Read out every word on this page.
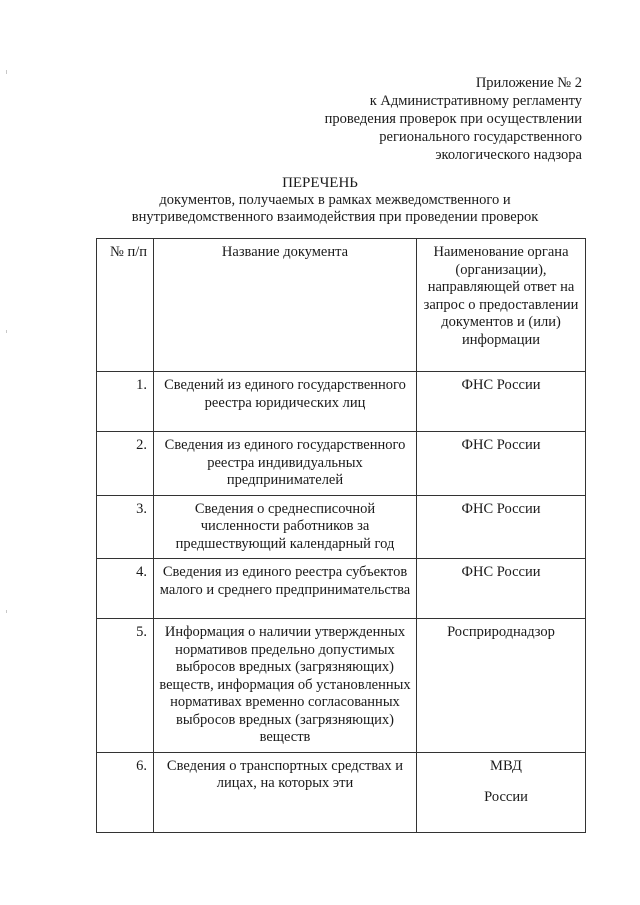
Приложение № 2
к Административному регламенту
проведения проверок при осуществлении
регионального государственного
экологического надзора
ПЕРЕЧЕНЬ
документов, получаемых в рамках межведомственного и
внутриведомственного взаимодействия при проведении проверок
№ п/п	Название документа	Наименование органа (организации), направляющей ответ на запрос о предоставлении документов и (или) информации
1.	Сведений из единого государственного реестра юридических лиц	ФНС России
2.	Сведения из единого государственного реестра индивидуальных предпринимателей	ФНС России
3.	Сведения о среднесписочной численности работников за предшествующий календарный год	ФНС России
4.	Сведения из единого реестра субъектов малого и среднего предпринимательства	ФНС России
5.	Информация о наличии утвержденных нормативов предельно допустимых выбросов вредных (загрязняющих) веществ, информация об установленных нормативах временно согласованных выбросов вредных (загрязняющих) веществ	Росприроднадзор
6.	Сведения о транспортных средствах и лицах, на которых эти	МВД
России
